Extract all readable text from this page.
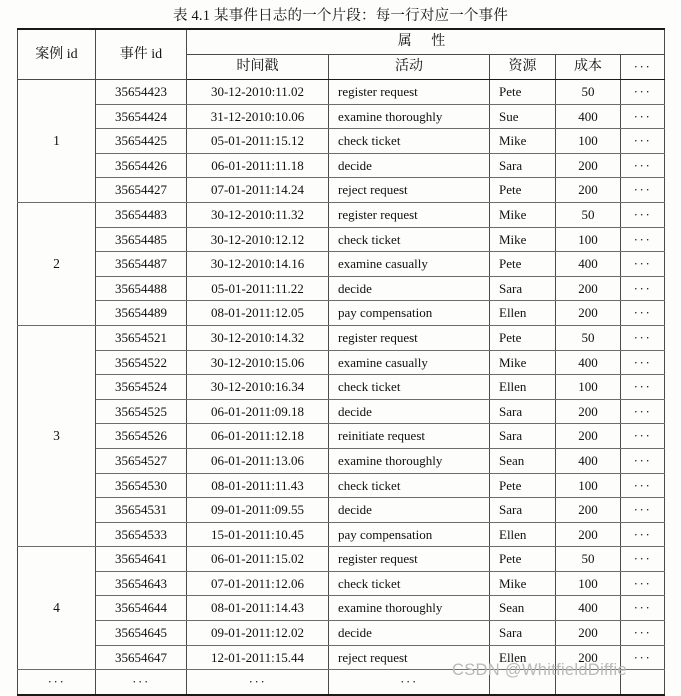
表 4.1 某事件日志的一个片段：每一行对应一个事件
案例 id	事件 id	属 性				
		时间戳	活动	资源	成本	···
1	35654423	30-12-2010:11.02	register request	Pete	50	···
	35654424	31-12-2010:10.06	examine thoroughly	Sue	400	···
	35654425	05-01-2011:15.12	check ticket	Mike	100	···
	35654426	06-01-2011:11.18	decide	Sara	200	···
	35654427	07-01-2011:14.24	reject request	Pete	200	···
2	35654483	30-12-2010:11.32	register request	Mike	50	···
	35654485	30-12-2010:12.12	check ticket	Mike	100	···
	35654487	30-12-2010:14.16	examine casually	Pete	400	···
	35654488	05-01-2011:11.22	decide	Sara	200	···
	35654489	08-01-2011:12.05	pay compensation	Ellen	200	···
3	35654521	30-12-2010:14.32	register request	Pete	50	···
	35654522	30-12-2010:15.06	examine casually	Mike	400	···
	35654524	30-12-2010:16.34	check ticket	Ellen	100	···
	35654525	06-01-2011:09.18	decide	Sara	200	···
	35654526	06-01-2011:12.18	reinitiate request	Sara	200	···
	35654527	06-01-2011:13.06	examine thoroughly	Sean	400	···
	35654530	08-01-2011:11.43	check ticket	Pete	100	···
	35654531	09-01-2011:09.55	decide	Sara	200	···
	35654533	15-01-2011:10.45	pay compensation	Ellen	200	···
4	35654641	06-01-2011:15.02	register request	Pete	50	···
	35654643	07-01-2011:12.06	check ticket	Mike	100	···
	35654644	08-01-2011:14.43	examine thoroughly	Sean	400	···
	35654645	09-01-2011:12.02	decide	Sara	200	···
	35654647	12-01-2011:15.44	reject request	Ellen	200	···
···	···	···	···			
CSDN @WhitfieldDiffie
